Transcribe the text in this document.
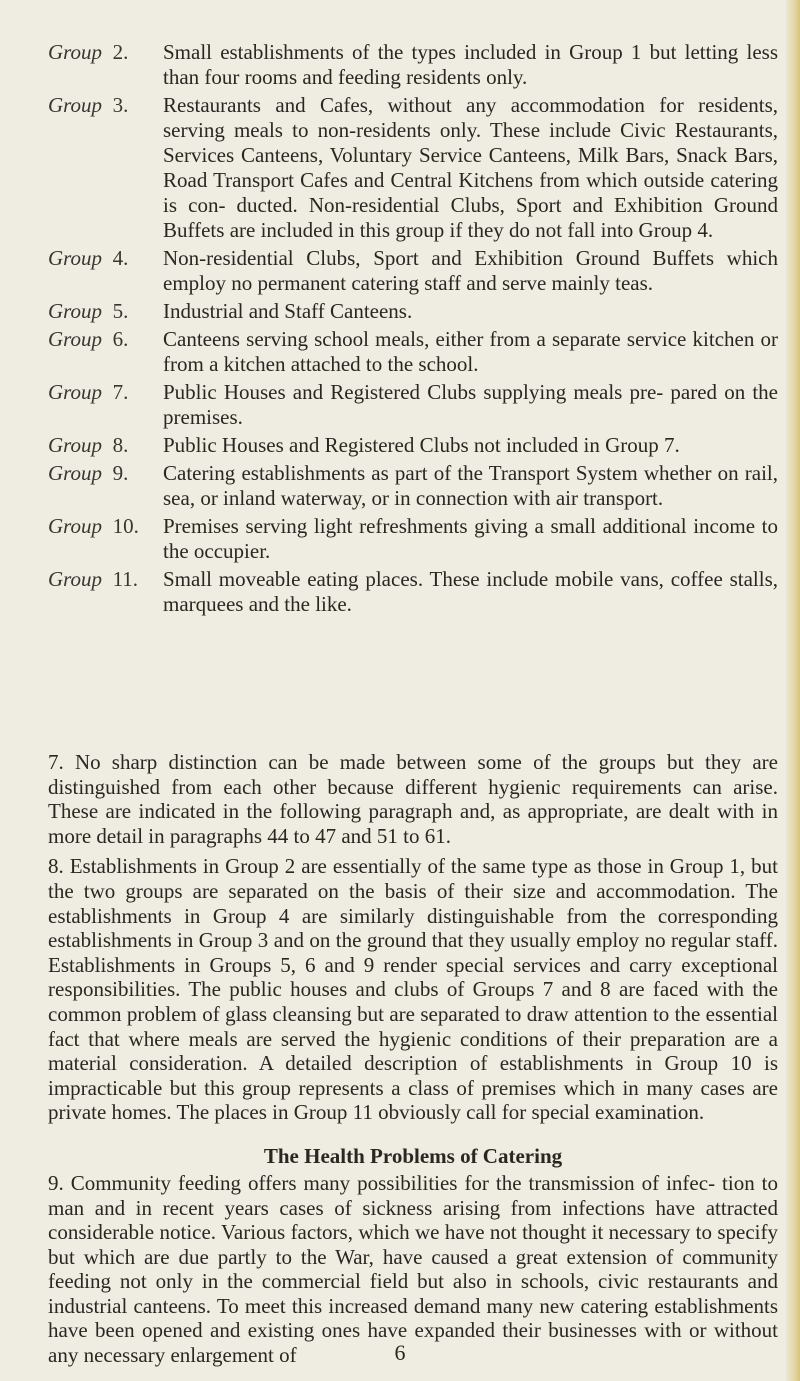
Group 2.	Small establishments of the types included in Group 1 but letting less than four rooms and feeding residents only.
Group 3.	Restaurants and Cafes, without any accommodation for residents, serving meals to non-residents only. These include Civic Restaurants, Services Canteens, Voluntary Service Canteens, Milk Bars, Snack Bars, Road Transport Cafes and Central Kitchens from which outside catering is con- ducted. Non-residential Clubs, Sport and Exhibition Ground Buffets are included in this group if they do not fall into Group 4.
Group 4.	Non-residential Clubs, Sport and Exhibition Ground Buffets which employ no permanent catering staff and serve mainly teas.
Group 5.	Industrial and Staff Canteens.
Group 6.	Canteens serving school meals, either from a separate service kitchen or from a kitchen attached to the school.
Group 7.	Public Houses and Registered Clubs supplying meals pre- pared on the premises.
Group 8.	Public Houses and Registered Clubs not included in Group 7.
Group 9.	Catering establishments as part of the Transport System whether on rail, sea, or inland waterway, or in connection with air transport.
Group 10.	Premises serving light refreshments giving a small additional income to the occupier.
Group 11.	Small moveable eating places. These include mobile vans, coffee stalls, marquees and the like.

7. No sharp distinction can be made between some of the groups but they are distinguished from each other because different hygienic requirements can arise. These are indicated in the following paragraph and, as appropriate, are dealt with in more detail in paragraphs 44 to 47 and 51 to 61.

8. Establishments in Group 2 are essentially of the same type as those in Group 1, but the two groups are separated on the basis of their size and accommodation. The establishments in Group 4 are similarly distinguishable from the corresponding establishments in Group 3 and on the ground that they usually employ no regular staff. Establishments in Groups 5, 6 and 9 render special services and carry exceptional responsibilities. The public houses and clubs of Groups 7 and 8 are faced with the common problem of glass cleansing but are separated to draw attention to the essential fact that where meals are served the hygienic conditions of their preparation are a material consideration. A detailed description of establishments in Group 10 is impracticable but this group represents a class of premises which in many cases are private homes. The places in Group 11 obviously call for special examination.

The Health Problems of Catering

9. Community feeding offers many possibilities for the transmission of infec- tion to man and in recent years cases of sickness arising from infections have attracted considerable notice. Various factors, which we have not thought it necessary to specify but which are due partly to the War, have caused a great extension of community feeding not only in the commercial field but also in schools, civic restaurants and industrial canteens. To meet this increased demand many new catering establishments have been opened and existing ones have expanded their businesses with or without any necessary enlargement of	6
